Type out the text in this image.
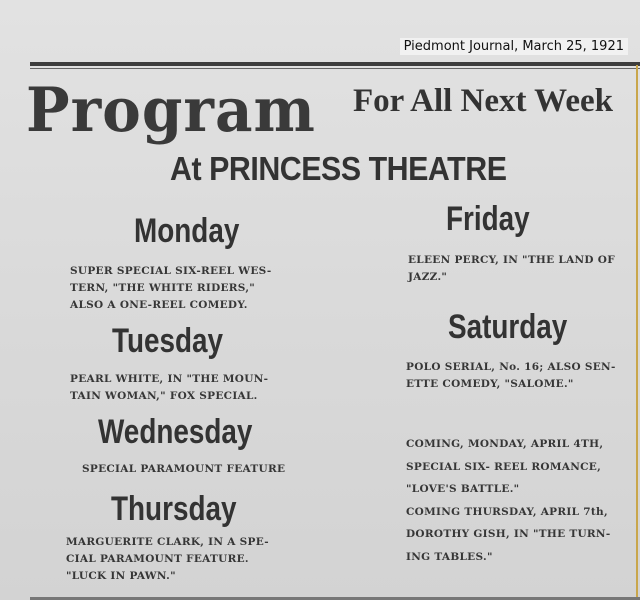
Piedmont Journal, March 25, 1921
Program For All Next Week
At PRINCESS THEATRE
Monday
SUPER SPECIAL SIX-REEL WES-
TERN, "THE WHITE RIDERS,"
ALSO A ONE-REEL COMEDY.
Tuesday
PEARL WHITE, IN "THE MOUN-
TAIN WOMAN," FOX SPECIAL.
Wednesday
SPECIAL PARAMOUNT FEATURE
Thursday
MARGUERITE CLARK, IN A SPE-
CIAL PARAMOUNT FEATURE.
"LUCK IN PAWN."
Friday
ELEEN PERCY, IN "THE LAND OF
JAZZ."
Saturday
POLO SERIAL, No. 16; ALSO SEN-
ETTE COMEDY, "SALOME."
COMING, MONDAY, APRIL 4TH,
SPECIAL SIX- REEL ROMANCE,
"LOVE'S BATTLE."
COMING THURSDAY, APRIL 7th,
DOROTHY GISH, IN "THE TURN-
ING TABLES."
